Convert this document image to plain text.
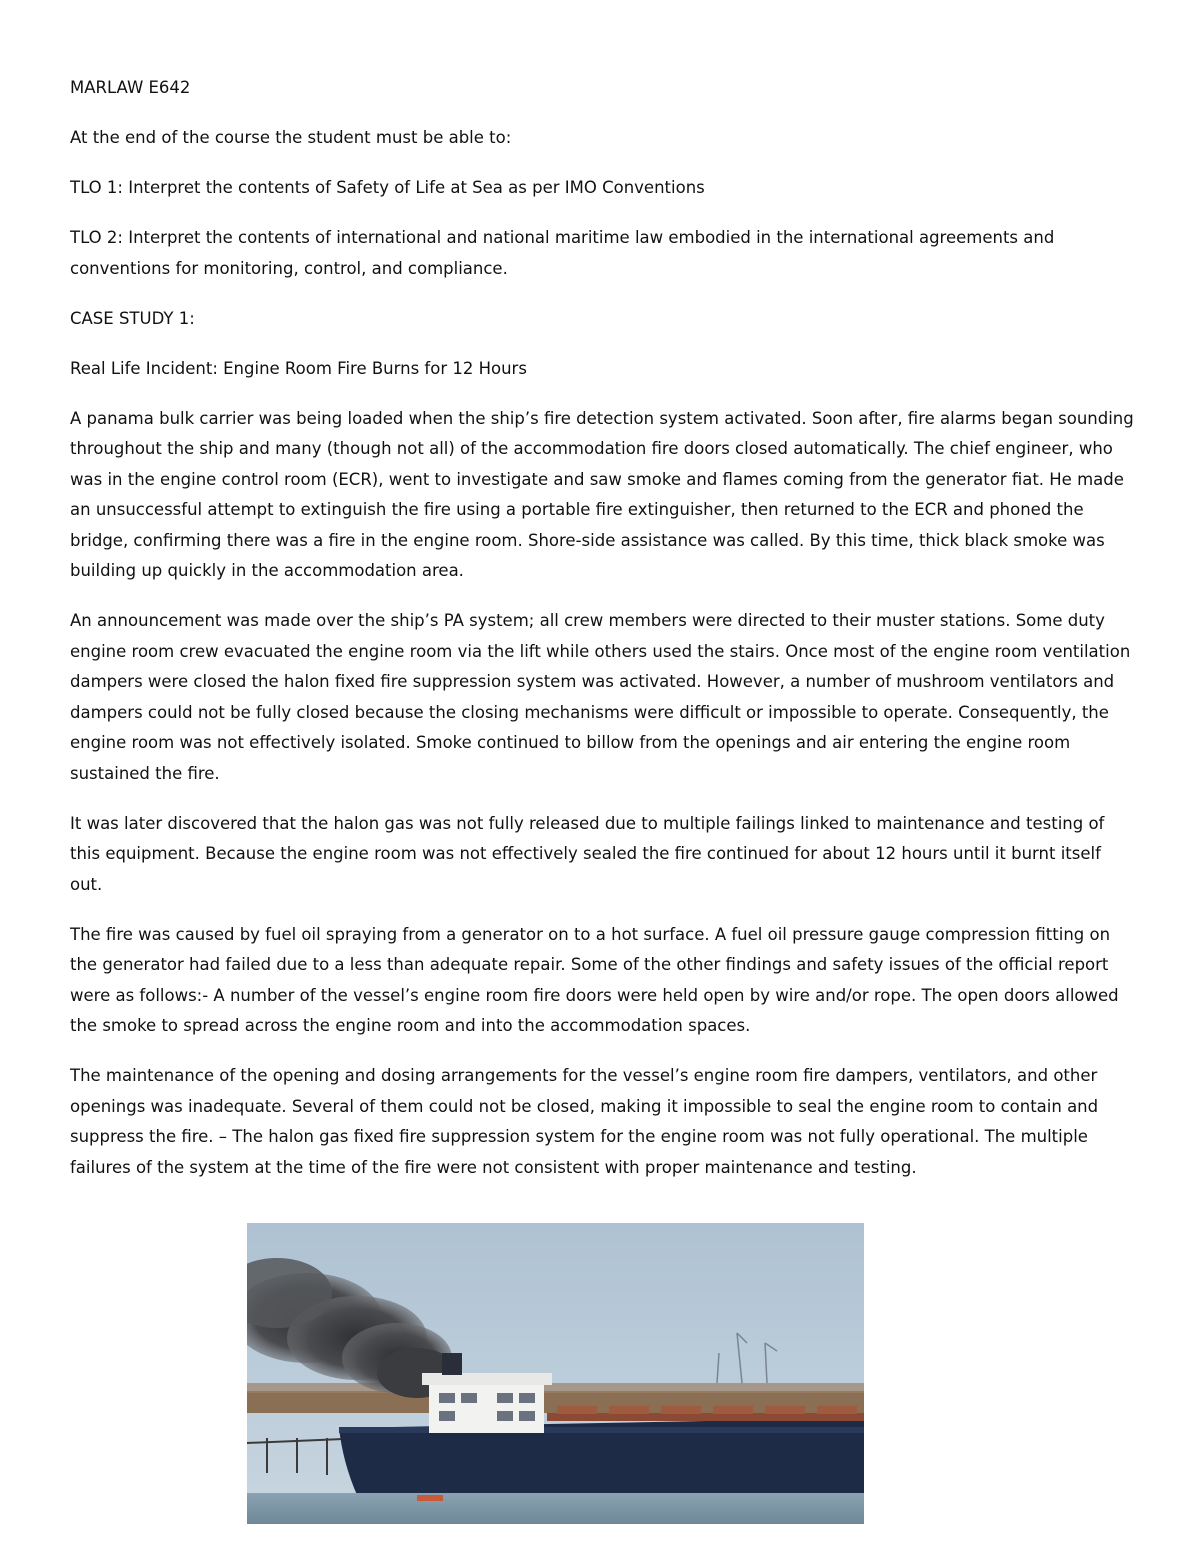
MARLAW E642

At the end of the course the student must be able to:

TLO 1: Interpret the contents of Safety of Life at Sea as per IMO Conventions

TLO 2: Interpret the contents of international and national maritime law embodied in the international agreements and conventions for monitoring, control, and compliance.

CASE STUDY 1:

Real Life Incident: Engine Room Fire Burns for 12 Hours

A panama bulk carrier was being loaded when the ship’s fire detection system activated. Soon after, fire alarms began sounding throughout the ship and many (though not all) of the accommodation fire doors closed automatically. The chief engineer, who was in the engine control room (ECR), went to investigate and saw smoke and flames coming from the generator fiat. He made an unsuccessful attempt to extinguish the fire using a portable fire extinguisher, then returned to the ECR and phoned the bridge, confirming there was a fire in the engine room. Shore-side assistance was called. By this time, thick black smoke was building up quickly in the accommodation area.

An announcement was made over the ship’s PA system; all crew members were directed to their muster stations. Some duty engine room crew evacuated the engine room via the lift while others used the stairs. Once most of the engine room ventilation dampers were closed the halon fixed fire suppression system was activated. However, a number of mushroom ventilators and dampers could not be fully closed because the closing mechanisms were difficult or impossible to operate. Consequently, the engine room was not effectively isolated. Smoke continued to billow from the openings and air entering the engine room sustained the fire.

It was later discovered that the halon gas was not fully released due to multiple failings linked to maintenance and testing of this equipment. Because the engine room was not effectively sealed the fire continued for about 12 hours until it burnt itself out.

The fire was caused by fuel oil spraying from a generator on to a hot surface. A fuel oil pressure gauge compression fitting on the generator had failed due to a less than adequate repair. Some of the other findings and safety issues of the official report were as follows:- A number of the vessel’s engine room fire doors were held open by wire and/or rope. The open doors allowed the smoke to spread across the engine room and into the accommodation spaces.

The maintenance of the opening and dosing arrangements for the vessel’s engine room fire dampers, ventilators, and other openings was inadequate. Several of them could not be closed, making it impossible to seal the engine room to contain and suppress the fire. – The halon gas fixed fire suppression system for the engine room was not fully operational. The multiple failures of the system at the time of the fire were not consistent with proper maintenance and testing.
